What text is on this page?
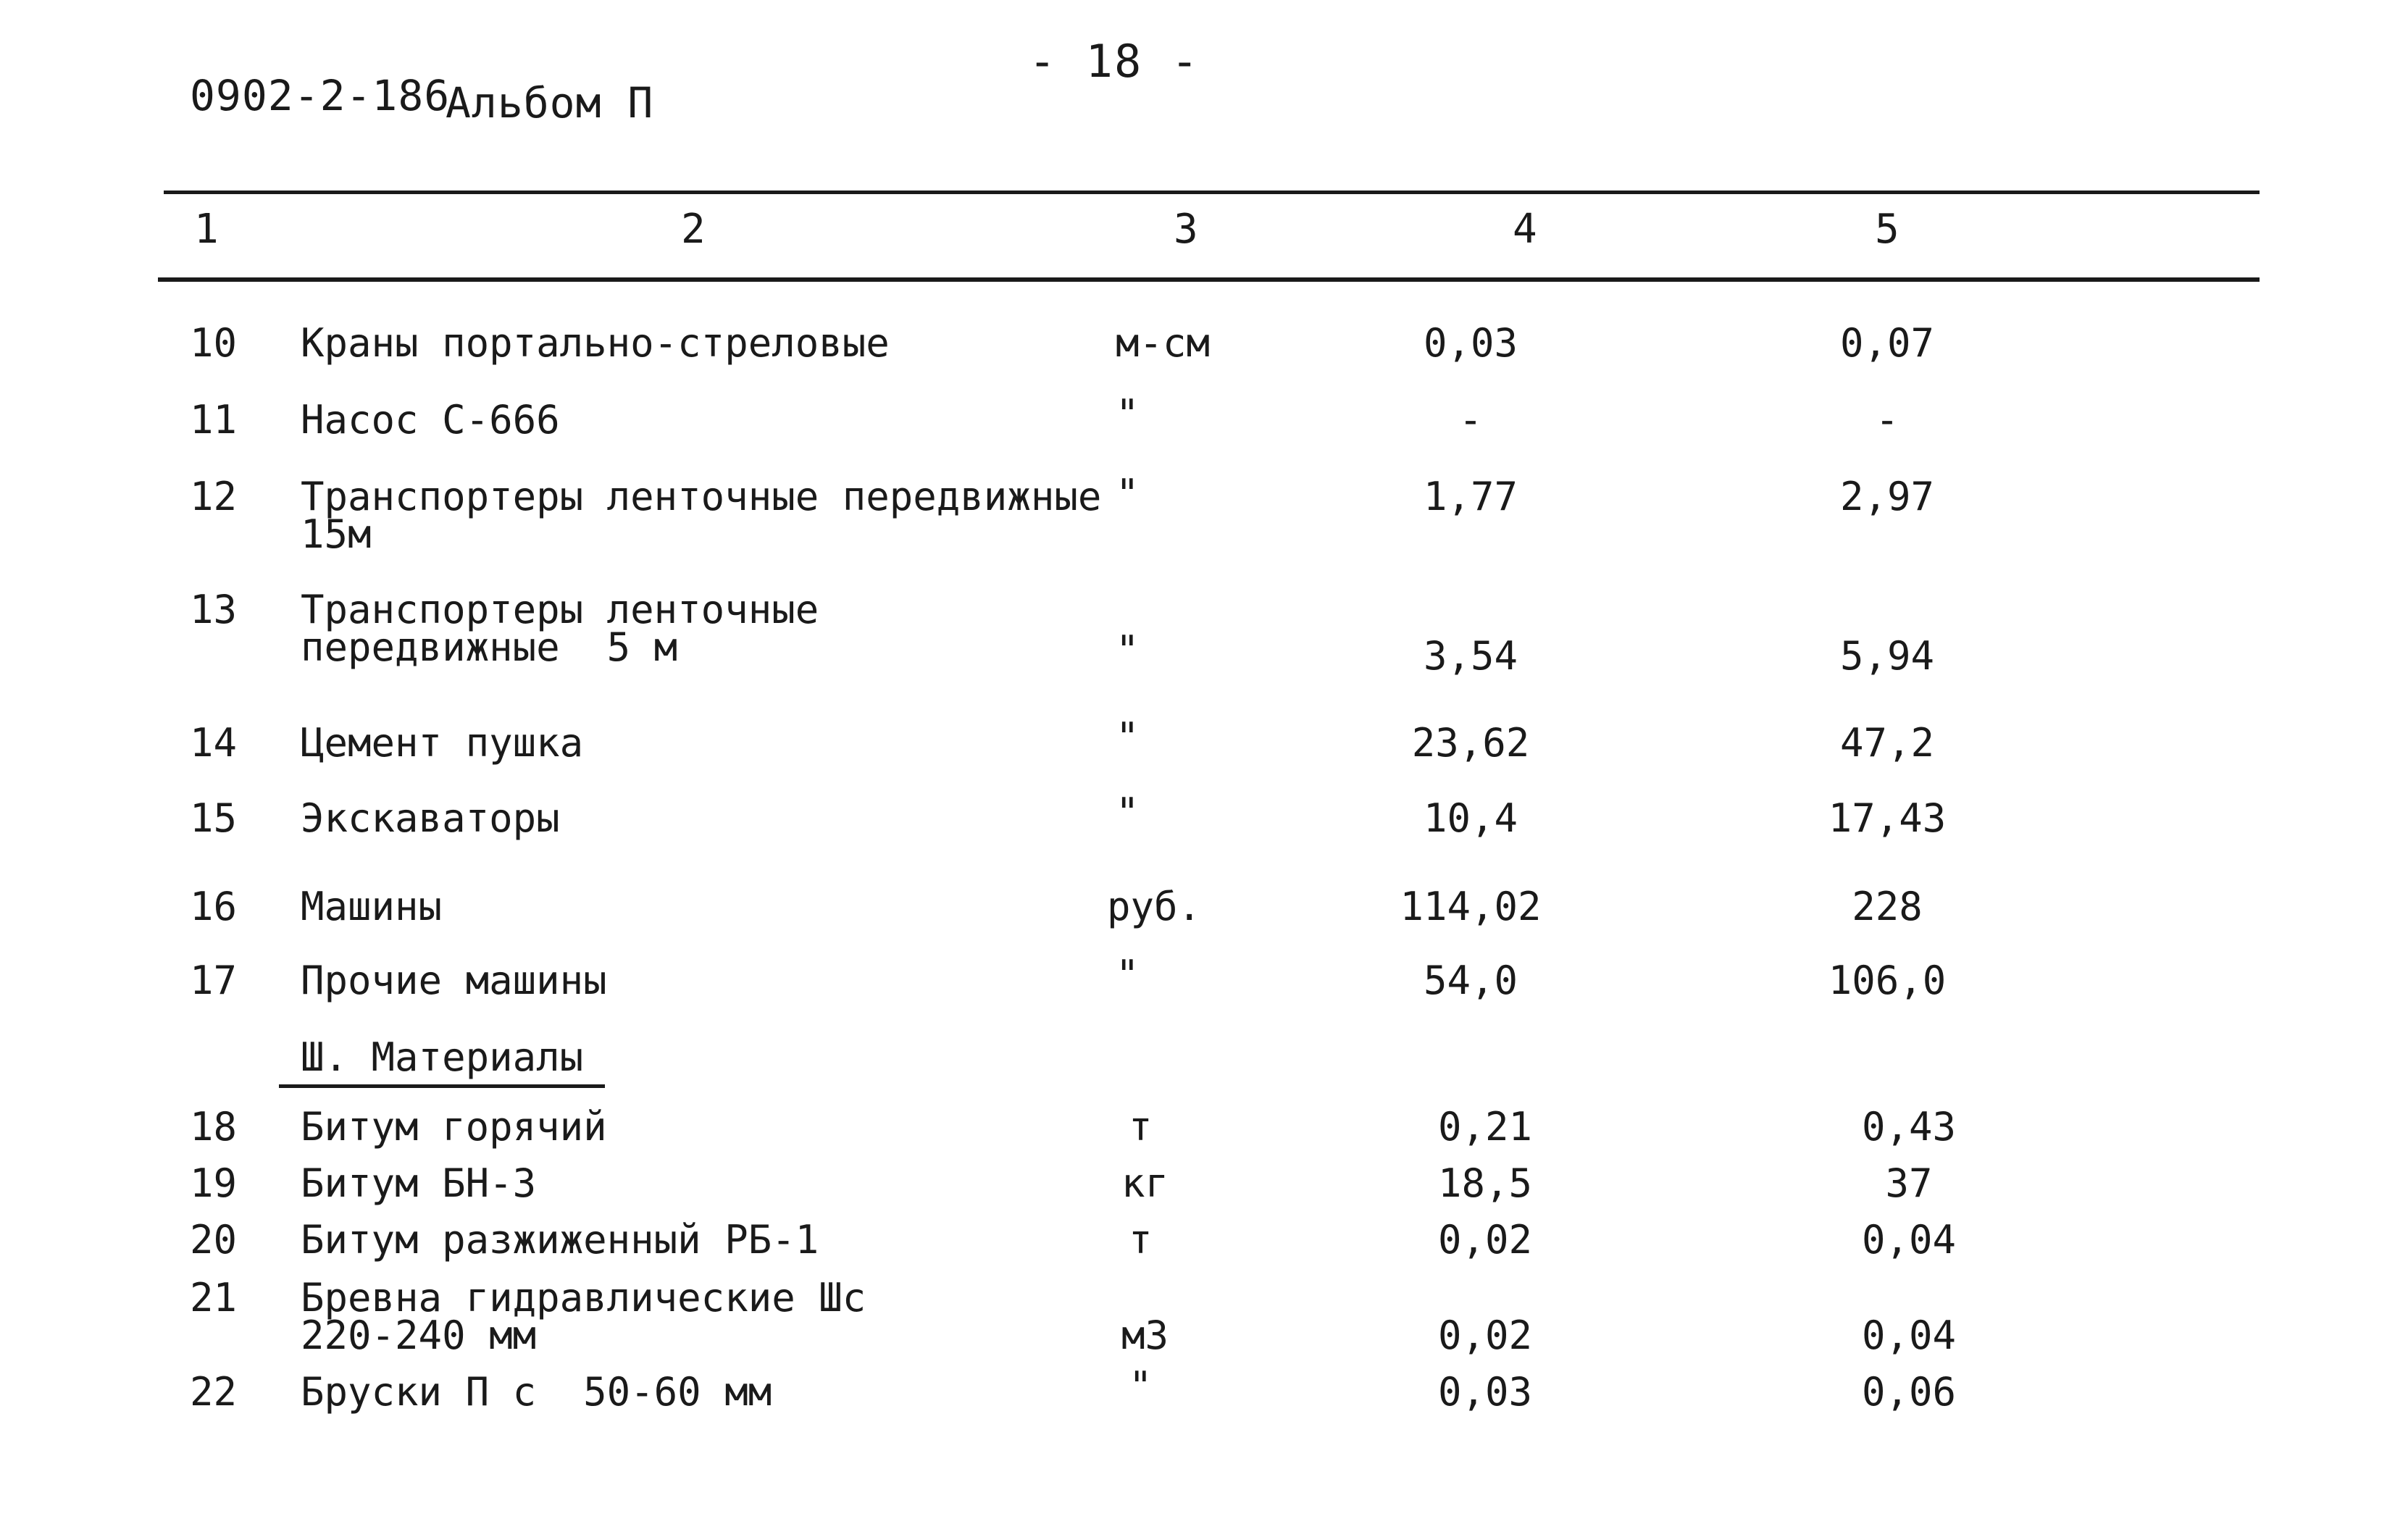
0902-2-186
Альбом П
- 18 -
1	2	3	4	5
10 Краны портально-стреловые	м-см	0,03	0,07
11 Насос С-666	"	-	-
12 Транспортеры ленточные передвижные
15м
"	1,77	2,97
13 Транспортеры ленточные
передвижные  5 м	"	3,54	5,94
14 Цемент пушка	"	23,62	47,2
15 Экскаваторы	"	10,4	17,43
16 Машины	руб.	114,02	228
17 Прочие машины	"	54,0	106,0
Ш. Материалы
18 Битум горячий	т	0,21	0,43
19 Битум БН-3	кг	18,5	37
20 Битум разжиженный РБ-1	т	0,02	0,04
21 Бревна гидравлические Шс
220-240 мм	м3	0,02	0,04
22 Бруски П с  50-60 мм	"	0,03	0,06
